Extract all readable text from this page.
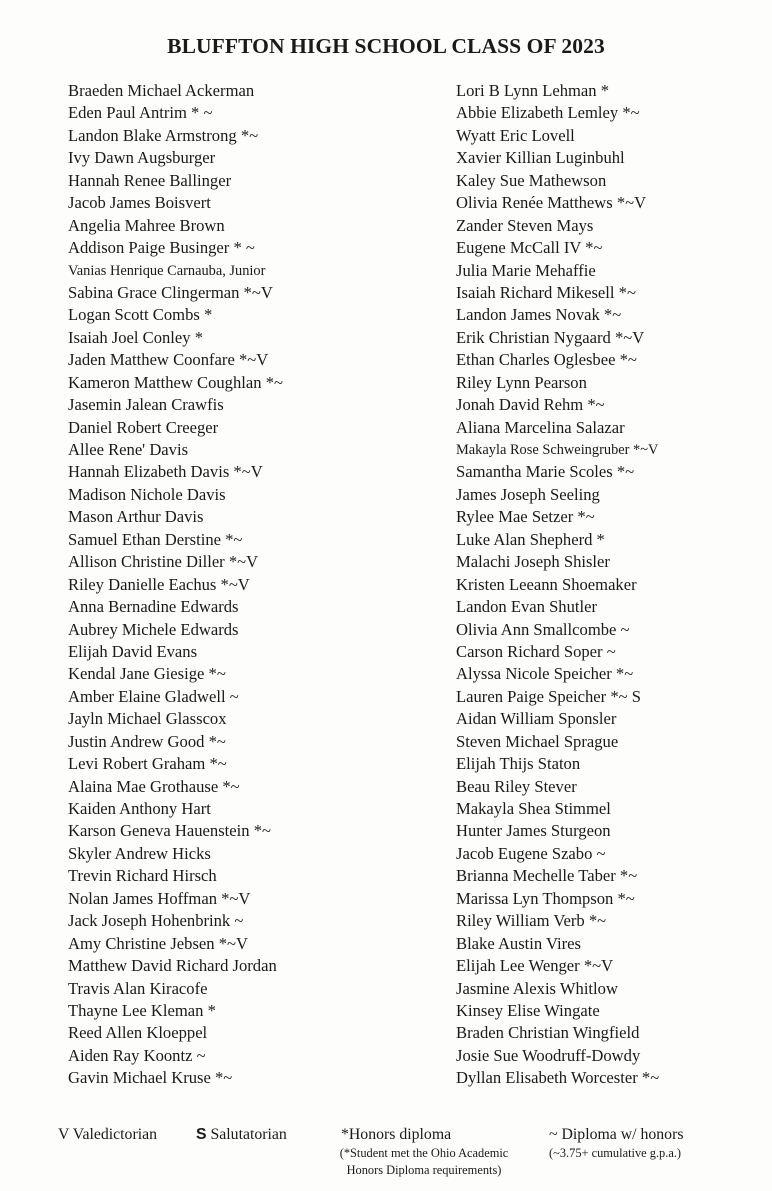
BLUFFTON HIGH SCHOOL CLASS OF 2023
Braeden Michael Ackerman
Eden Paul Antrim * ~
Landon Blake Armstrong *~
Ivy Dawn Augsburger
Hannah Renee Ballinger
Jacob James Boisvert
Angelia Mahree Brown
Addison Paige Businger * ~
Vanias Henrique Carnauba, Junior
Sabina Grace Clingerman *~V
Logan Scott Combs *
Isaiah Joel Conley *
Jaden Matthew Coonfare *~V
Kameron Matthew Coughlan *~
Jasemin Jalean Crawfis
Daniel Robert Creeger
Allee Rene' Davis
Hannah Elizabeth Davis *~V
Madison Nichole Davis
Mason Arthur Davis
Samuel Ethan Derstine *~
Allison Christine Diller *~V
Riley Danielle Eachus *~V
Anna Bernadine Edwards
Aubrey Michele Edwards
Elijah David Evans
Kendal Jane Giesige *~
Amber Elaine Gladwell ~
Jayln Michael Glasscox
Justin Andrew Good *~
Levi Robert Graham *~
Alaina Mae Grothause *~
Kaiden Anthony Hart
Karson Geneva Hauenstein *~
Skyler Andrew Hicks
Trevin Richard Hirsch
Nolan James Hoffman *~V
Jack Joseph Hohenbrink ~
Amy Christine Jebsen *~V
Matthew David Richard Jordan
Travis Alan Kiracofe
Thayne Lee Kleman *
Reed Allen Kloeppel
Aiden Ray Koontz ~
Gavin Michael Kruse *~
Lori B Lynn Lehman *
Abbie Elizabeth Lemley *~
Wyatt Eric Lovell
Xavier Killian Luginbuhl
Kaley Sue Mathewson
Olivia Renée Matthews *~V
Zander Steven Mays
Eugene McCall IV *~
Julia Marie Mehaffie
Isaiah Richard Mikesell *~
Landon James Novak *~
Erik Christian Nygaard *~V
Ethan Charles Oglesbee *~
Riley Lynn Pearson
Jonah David Rehm *~
Aliana Marcelina Salazar
Makayla Rose Schweingruber *~V
Samantha Marie Scoles *~
James Joseph Seeling
Rylee Mae Setzer *~
Luke Alan Shepherd *
Malachi Joseph Shisler
Kristen Leeann Shoemaker
Landon Evan Shutler
Olivia Ann Smallcombe ~
Carson Richard Soper ~
Alyssa Nicole Speicher *~
Lauren Paige Speicher *~ S
Aidan William Sponsler
Steven Michael Sprague
Elijah Thijs Staton
Beau Riley Stever
Makayla Shea Stimmel
Hunter James Sturgeon
Jacob Eugene Szabo ~
Brianna Mechelle Taber *~
Marissa Lyn Thompson *~
Riley William Verb *~
Blake Austin Vires
Elijah Lee Wenger *~V
Jasmine Alexis Whitlow
Kinsey Elise Wingate
Braden Christian Wingfield
Josie Sue Woodruff-Dowdy
Dyllan Elisabeth Worcester *~
V Valedictorian S Salutatorian	*Honors diploma
(*Student met the Ohio Academic
Honors Diploma requirements)
~ Diploma w/ honors
(~3.75+ cumulative g.p.a.)
